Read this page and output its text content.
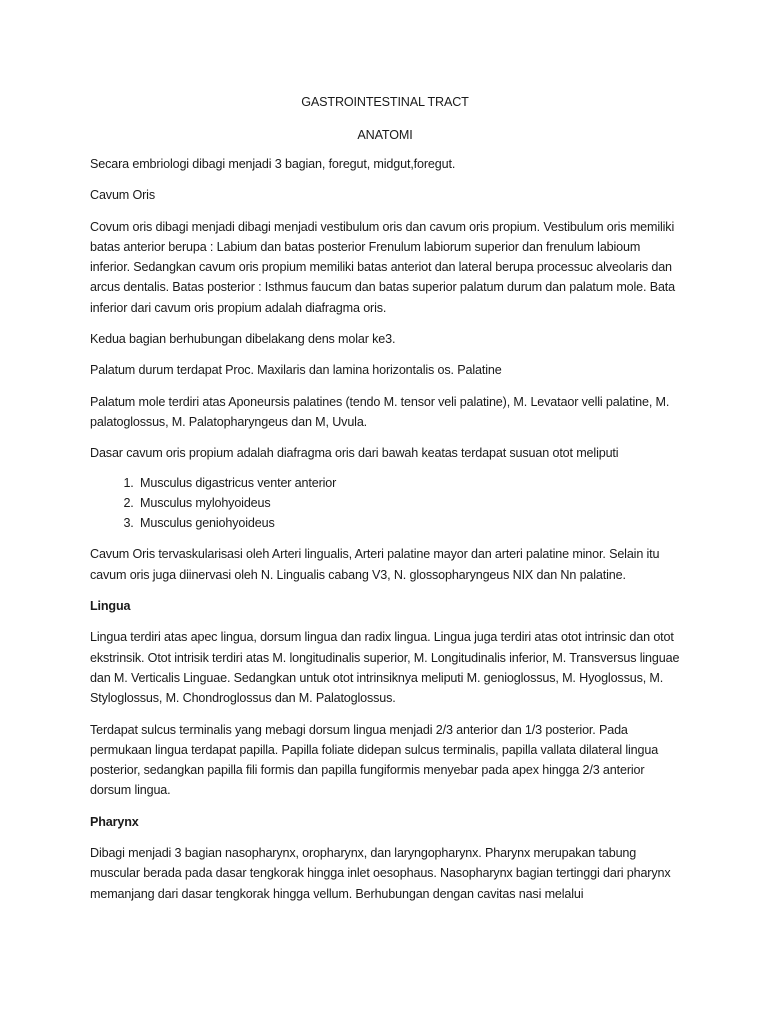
GASTROINTESTINAL TRACT
ANATOMI

Secara embriologi dibagi menjadi 3 bagian, foregut, midgut,foregut.

Cavum Oris

Covum oris dibagi menjadi dibagi menjadi vestibulum oris dan cavum oris propium. Vestibulum oris memiliki batas anterior berupa : Labium dan batas posterior Frenulum labiorum superior dan frenulum labioum inferior. Sedangkan cavum oris propium memiliki batas anteriot dan lateral berupa processuc alveolaris dan arcus dentalis. Batas posterior : Isthmus faucum dan batas superior palatum durum dan palatum mole. Bata inferior dari cavum oris propium adalah diafragma oris.

Kedua bagian berhubungan dibelakang dens molar ke3.

Palatum durum terdapat Proc. Maxilaris dan lamina horizontalis os. Palatine

Palatum mole terdiri atas Aponeursis palatines (tendo M. tensor veli palatine), M. Levataor velli palatine, M. palatoglossus, M. Palatopharyngeus dan M, Uvula.

Dasar cavum oris propium adalah diafragma oris dari bawah keatas terdapat susuan otot meliputi

1. Musculus digastricus venter anterior
2. Musculus mylohyoideus
3. Musculus geniohyoideus

Cavum Oris tervaskularisasi oleh Arteri lingualis, Arteri palatine mayor dan arteri palatine minor. Selain itu cavum oris juga diinervasi oleh N. Lingualis cabang V3, N. glossopharyngeus NIX dan Nn palatine.

Lingua

Lingua terdiri atas apec lingua, dorsum lingua dan radix lingua. Lingua juga terdiri atas otot intrinsic dan otot ekstrinsik. Otot intrisik terdiri atas M. longitudinalis superior, M. Longitudinalis inferior, M. Transversus linguae dan M. Verticalis Linguae. Sedangkan untuk otot intrinsiknya meliputi M. genioglossus, M. Hyoglossus, M. Styloglossus, M. Chondroglossus dan M. Palatoglossus.

Terdapat sulcus terminalis yang mebagi dorsum lingua menjadi 2/3 anterior dan 1/3 posterior. Pada permukaan lingua terdapat papilla. Papilla foliate didepan sulcus terminalis, papilla vallata dilateral lingua posterior, sedangkan papilla fili formis dan papilla fungiformis menyebar pada apex hingga 2/3 anterior dorsum lingua.

Pharynx

Dibagi menjadi 3 bagian nasopharynx, oropharynx, dan laryngopharynx. Pharynx merupakan tabung muscular berada pada dasar tengkorak hingga inlet oesophaus. Nasopharynx bagian tertinggi dari pharynx memanjang dari dasar tengkorak hingga vellum. Berhubungan dengan cavitas nasi melalui
